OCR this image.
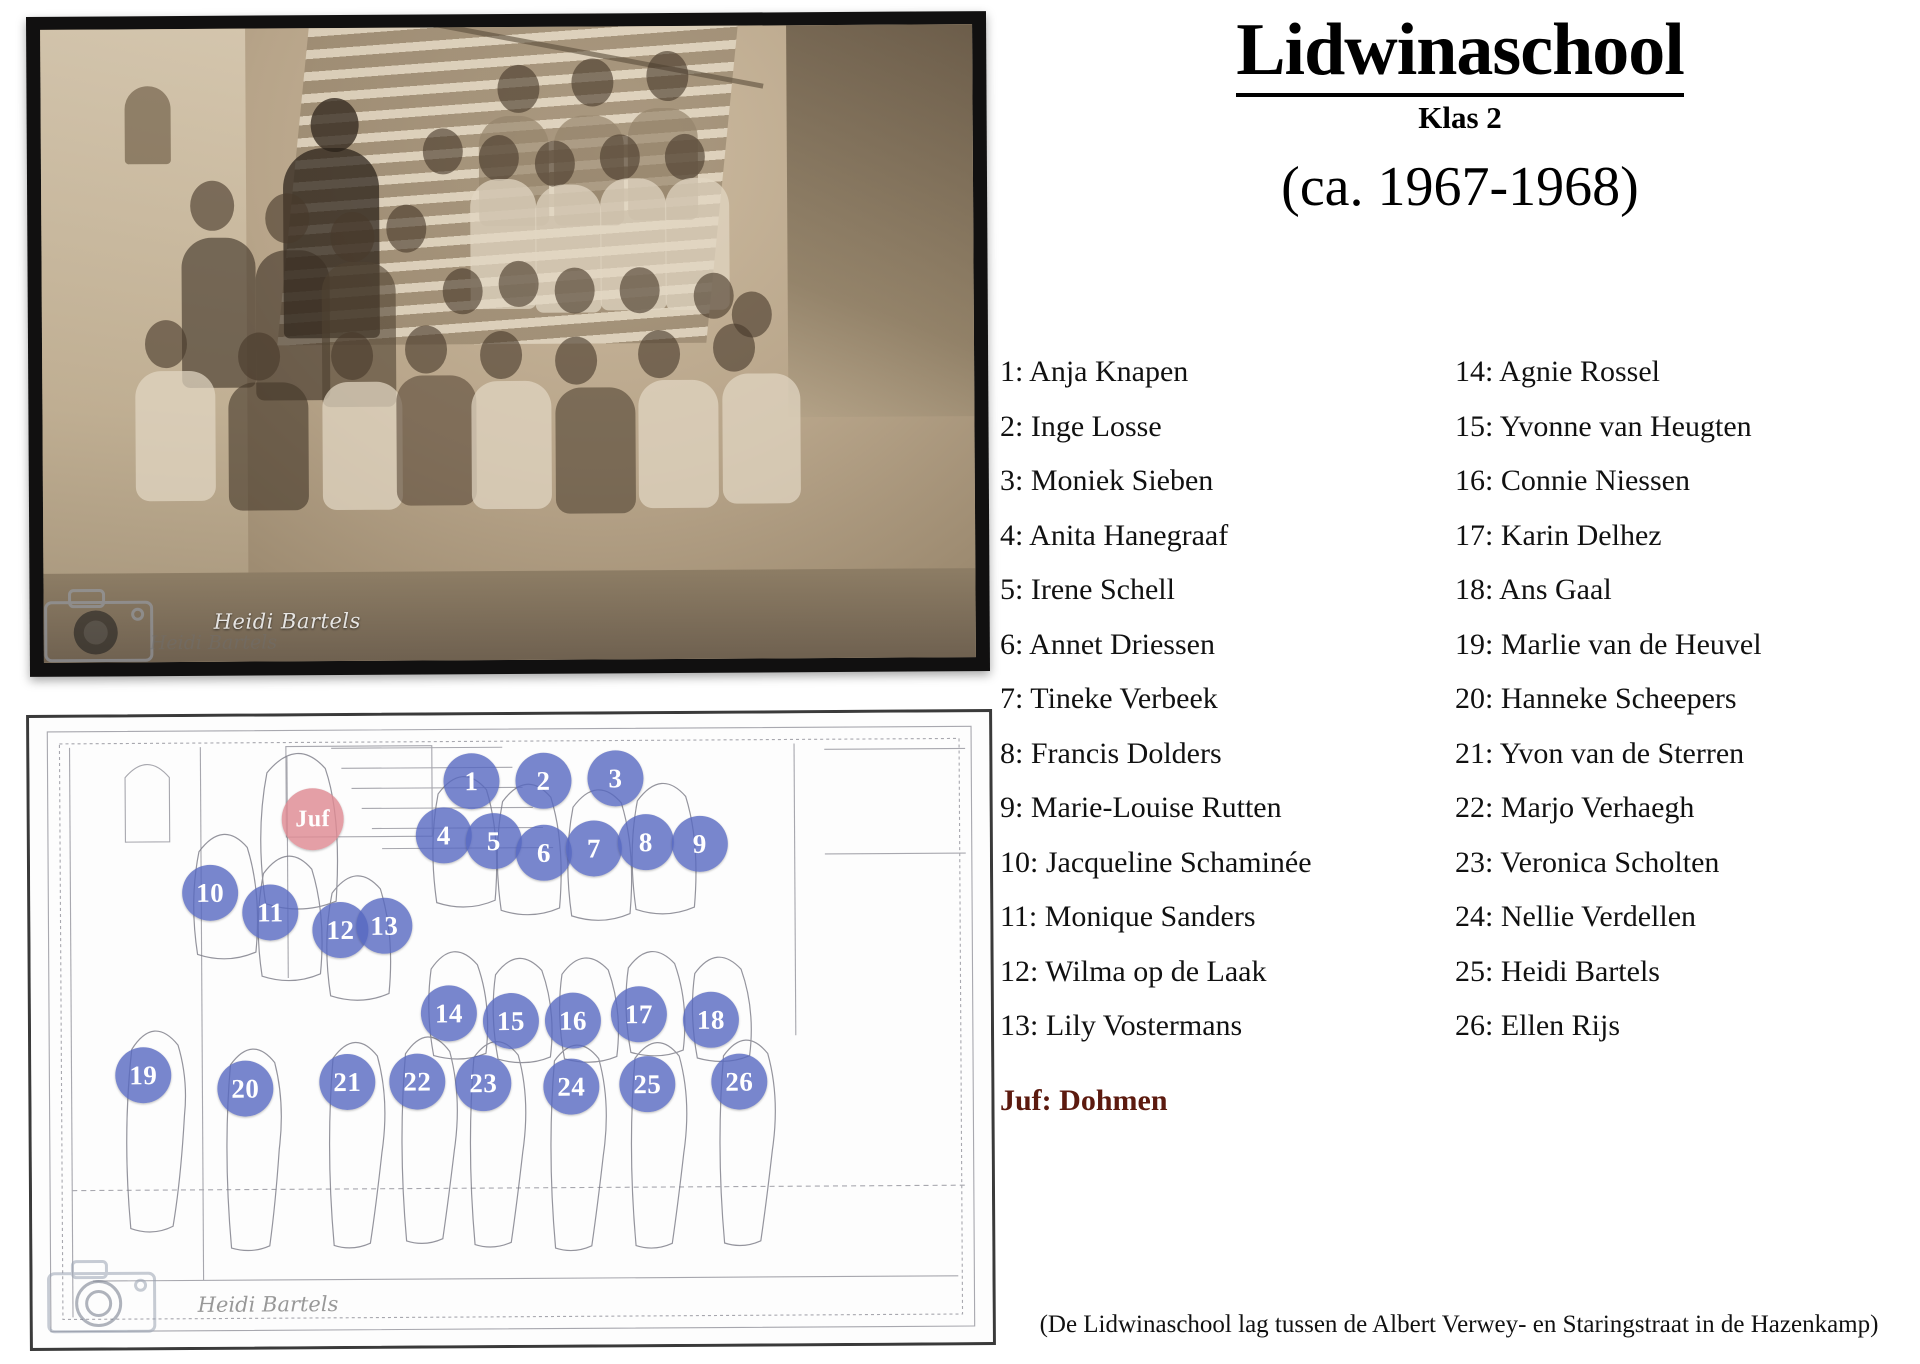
Heidi Bartels
Heidi Bartels
Juf
1 2 3
4 5 6 7 8 9
10
11
12 13
14 15 16 17 18
19	20	21 22 23 24 25 26
Heidi Bartels
Lidwinaschool
Klas 2
(ca. 1967-1968)
1: Anja Knapen
2: Inge Losse
3: Moniek Sieben
4: Anita Hanegraaf
5: Irene Schell
6: Annet Driessen
7: Tineke Verbeek
8: Francis Dolders
9: Marie-Louise Rutten
10: Jacqueline Schaminée
11: Monique Sanders
12: Wilma op de Laak
13: Lily Vostermans
Juf: Dohmen
14: Agnie Rossel
15: Yvonne van Heugten
16: Connie Niessen
17: Karin Delhez
18: Ans Gaal
19: Marlie van de Heuvel
20: Hanneke Scheepers
21: Yvon van de Sterren
22: Marjo Verhaegh
23: Veronica Scholten
24: Nellie Verdellen
25: Heidi Bartels
26: Ellen Rijs
(De Lidwinaschool lag tussen de Albert Verwey- en Staringstraat in de Hazenkamp)
